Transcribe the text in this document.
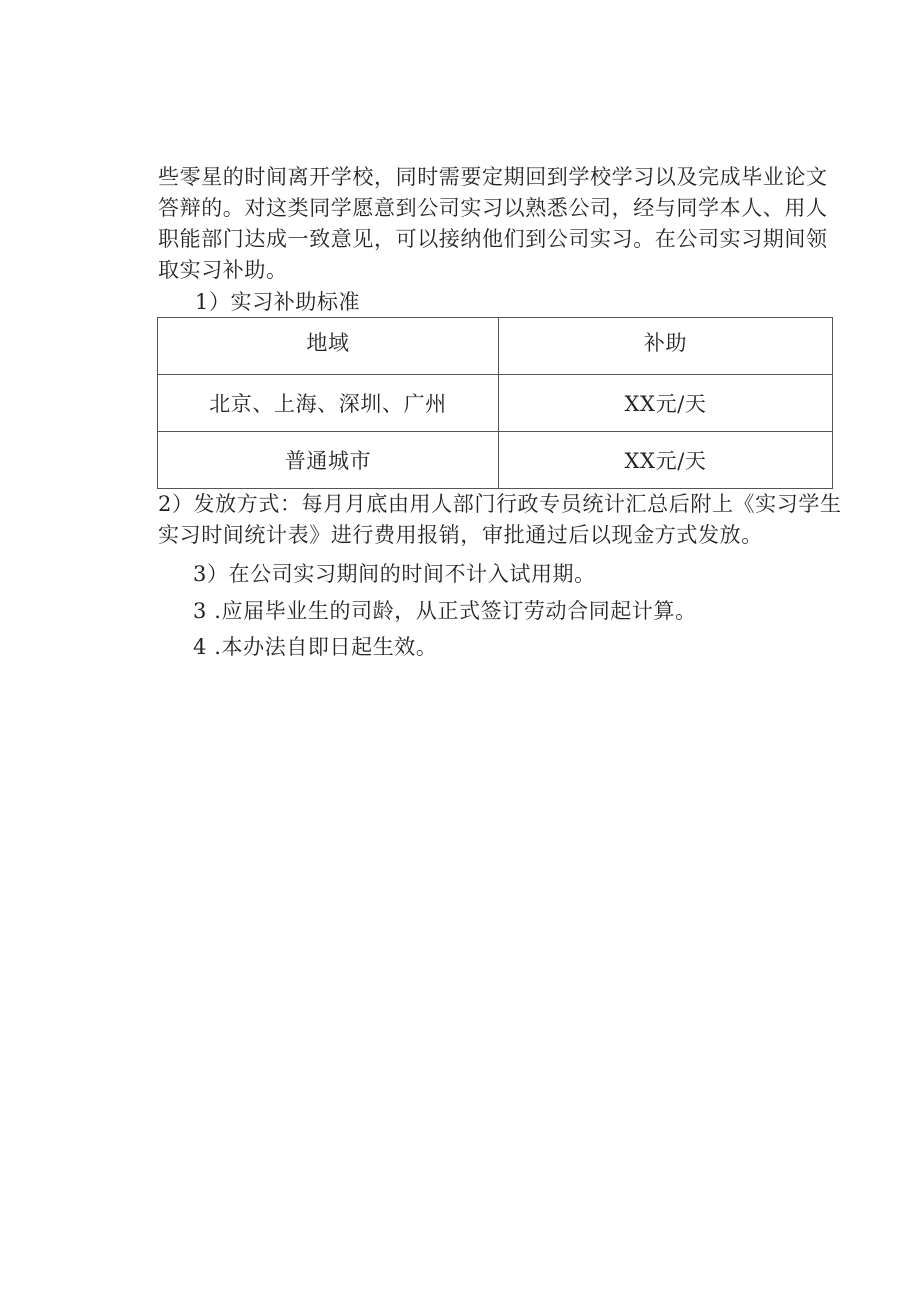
些零星的时间离开学校，同时需要定期回到学校学习以及完成毕业论文
答辩的。对这类同学愿意到公司实习以熟悉公司，经与同学本人、用人
职能部门达成一致意见，可以接纳他们到公司实习。在公司实习期间领
取实习补助。

1）实习补助标准

地域	补助
北京、上海、深圳、广州	XX元/天
普通城市	XX元/天

2）发放方式：每月月底由用人部门行政专员统计汇总后附上《实习学生
实习时间统计表》进行费用报销，审批通过后以现金方式发放。

3）在公司实习期间的时间不计入试用期。

3 .应届毕业生的司龄，从正式签订劳动合同起计算。

4 .本办法自即日起生效。
